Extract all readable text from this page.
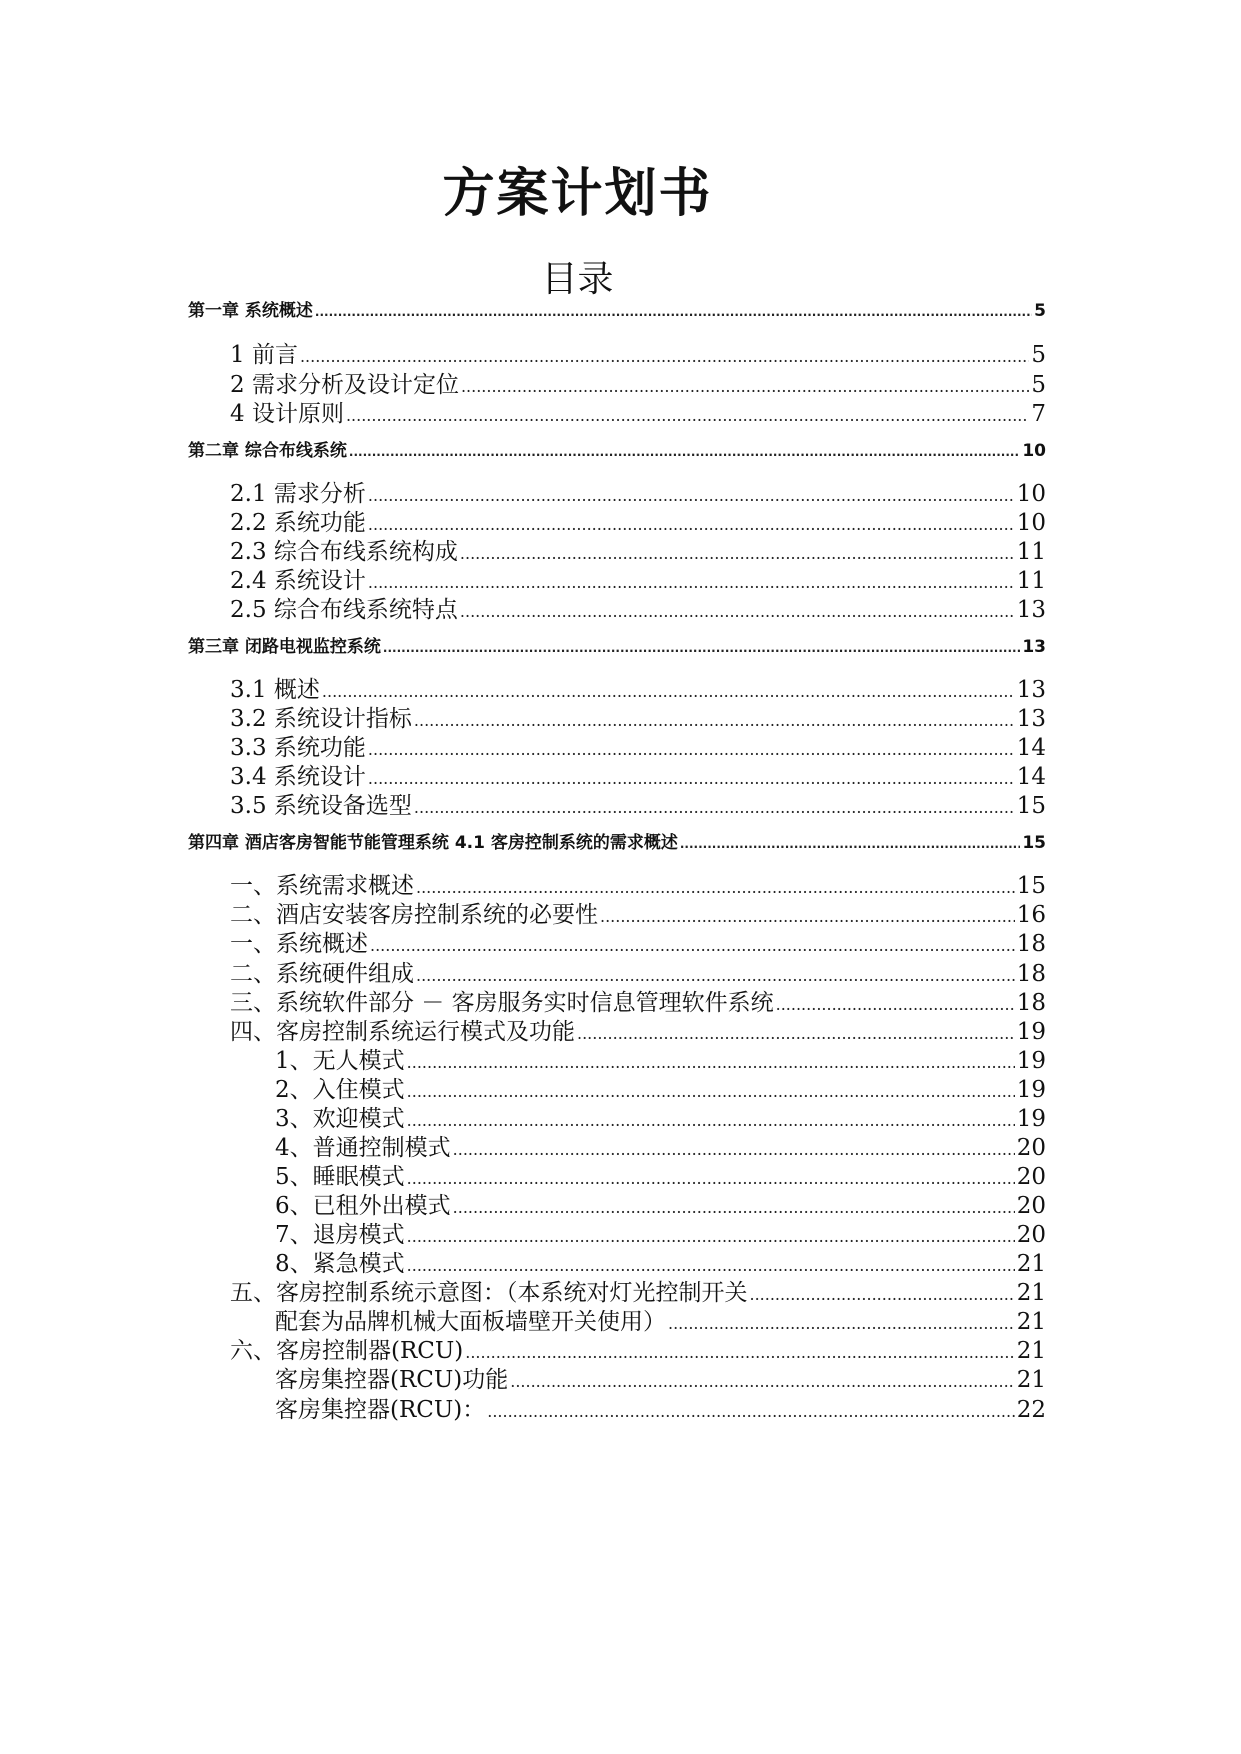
方案计划书
目录
第一章 系统概述 .....	5
1 前言 .....	5
2 需求分析及设计定位 .....	5
4 设计原则 .....	7
第二章 综合布线系统 .....	10
2.1 需求分析 .....	10
2.2 系统功能 .....	10
2.3 综合布线系统构成 .....	11
2.4 系统设计 .....	11
2.5 综合布线系统特点 .....	13
第三章 闭路电视监控系统 .....	13
3.1 概述 .....	13
3.2 系统设计指标 .....	13
3.3 系统功能 .....	14
3.4 系统设计 .....	14
3.5 系统设备选型 .....	15
第四章 酒店客房智能节能管理系统 4.1 客房控制系统的需求概述 .....	15
一、系统需求概述 .....	15
二、酒店安装客房控制系统的必要性 .....	16
一、系统概述 .....	18
二、系统硬件组成 .....	18
三、系统软件部分 － 客房服务实时信息管理软件系统 .....	18
四、客房控制系统运行模式及功能 .....	19
1、无人模式 .....	19
2、入住模式 .....	19
3、欢迎模式 .....	19
4、普通控制模式 .....	20
5、睡眠模式 .....	20
6、已租外出模式 .....	20
7、退房模式 .....	20
8、紧急模式 .....	21
五、客房控制系统示意图：（本系统对灯光控制开关 .....	21
配套为品牌机械大面板墙壁开关使用） .....	21
六、客房控制器(RCU) .....	21
客房集控器(RCU)功能 .....	21
客房集控器(RCU)： .....	22
